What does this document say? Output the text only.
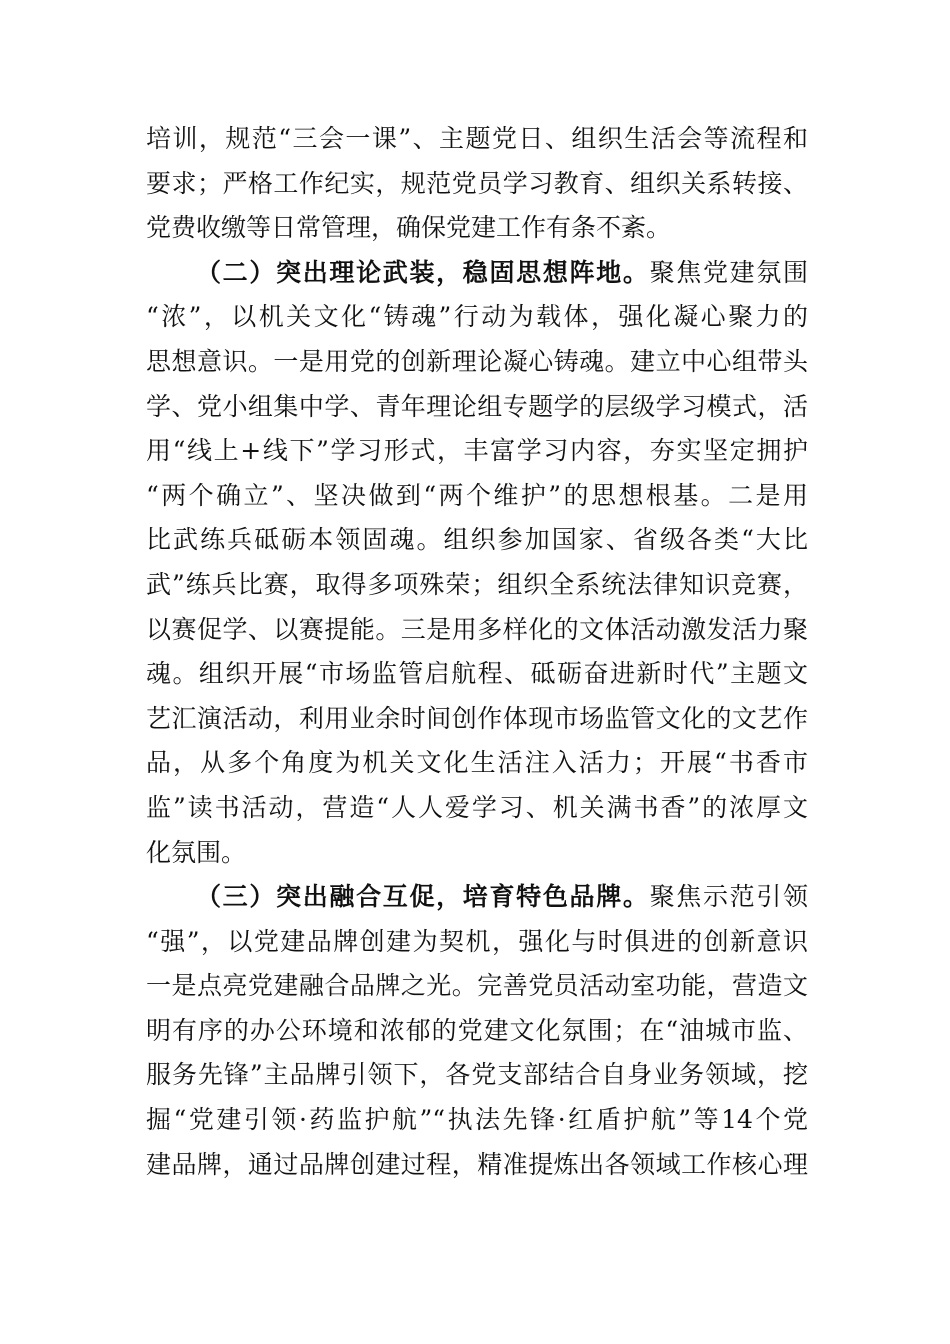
培训，规范“三会一课”、主题党日、组织生活会等流程和
要求；严格工作纪实，规范党员学习教育、组织关系转接、
党费收缴等日常管理，确保党建工作有条不紊。
（二）突出理论武装，稳固思想阵地。聚焦党建氛围
“浓”，以机关文化“铸魂”行动为载体，强化凝心聚力的
思想意识。一是用党的创新理论凝心铸魂。建立中心组带头
学、党小组集中学、青年理论组专题学的层级学习模式，活
用“线上+线下”学习形式，丰富学习内容，夯实坚定拥护
“两个确立”、坚决做到“两个维护”的思想根基。二是用
比武练兵砥砺本领固魂。组织参加国家、省级各类“大比
武”练兵比赛，取得多项殊荣；组织全系统法律知识竞赛，
以赛促学、以赛提能。三是用多样化的文体活动激发活力聚
魂。组织开展“市场监管启航程、砥砺奋进新时代”主题文
艺汇演活动，利用业余时间创作体现市场监管文化的文艺作
品，从多个角度为机关文化生活注入活力；开展“书香市
监”读书活动，营造“人人爱学习、机关满书香”的浓厚文
化氛围。
（三）突出融合互促，培育特色品牌。聚焦示范引领
“强”，以党建品牌创建为契机，强化与时俱进的创新意识
一是点亮党建融合品牌之光。完善党员活动室功能，营造文
明有序的办公环境和浓郁的党建文化氛围；在“油城市监、
服务先锋”主品牌引领下，各党支部结合自身业务领域，挖
掘“党建引领·药监护航”“执法先锋·红盾护航”等14个党
建品牌，通过品牌创建过程，精准提炼出各领域工作核心理
